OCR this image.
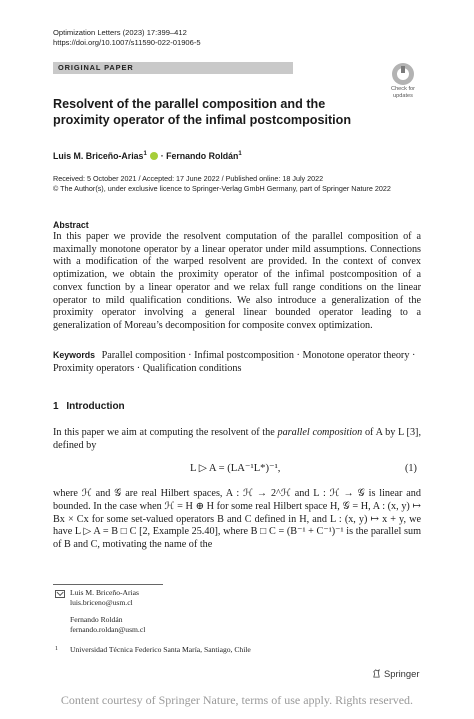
Optimization Letters (2023) 17:399–412
https://doi.org/10.1007/s11590-022-01906-5
ORIGINAL PAPER
Check for updates
Resolvent of the parallel composition and the proximity operator of the infimal postcomposition
Luis M. Briceño-Arias$^1$ · Fernando Roldán$^1$
Received: 5 October 2021 / Accepted: 17 June 2022 / Published online: 18 July 2022
© The Author(s), under exclusive licence to Springer-Verlag GmbH Germany, part of Springer Nature 2022
Abstract
In this paper we provide the resolvent computation of the parallel composition of a maximally monotone operator by a linear operator under mild assumptions. Connections with a modification of the warped resolvent are provided. In the context of convex optimization, we obtain the proximity operator of the infimal postcomposition of a convex function by a linear operator and we relax full range conditions on the linear operator to mild qualification conditions. We also introduce a generalization of the proximity operator involving a general linear bounded operator leading to a generalization of Moreau’s decomposition for composite convex optimization.
Keywords Parallel composition · Infimal postcomposition · Monotone operator theory · Proximity operators · Qualification conditions
1 Introduction
In this paper we aim at computing the resolvent of the parallel composition of A by L [3], defined by
L ▷ A = (LA⁻¹L*)⁻¹,	(1)
where ℋ and 𝒢 are real Hilbert spaces, A : ℋ → 2^ℋ and L : ℋ → 𝒢 is linear and bounded. In the case when ℋ = H ⊕ H for some real Hilbert space H, 𝒢 = H, A : (x, y) ↦ Bx × Cx for some set-valued operators B and C defined in H, and L : (x, y) ↦ x + y, we have L ▷ A = B □ C [2, Example 25.40], where B □ C = (B⁻¹ + C⁻¹)⁻¹ is the parallel sum of B and C, motivating the name of the
Luis M. Briceño-Arias
luis.briceno@usm.cl
Fernando Roldán
fernando.roldan@usm.cl
1 Universidad Técnica Federico Santa María, Santiago, Chile
Springer
Content courtesy of Springer Nature, terms of use apply. Rights reserved.
